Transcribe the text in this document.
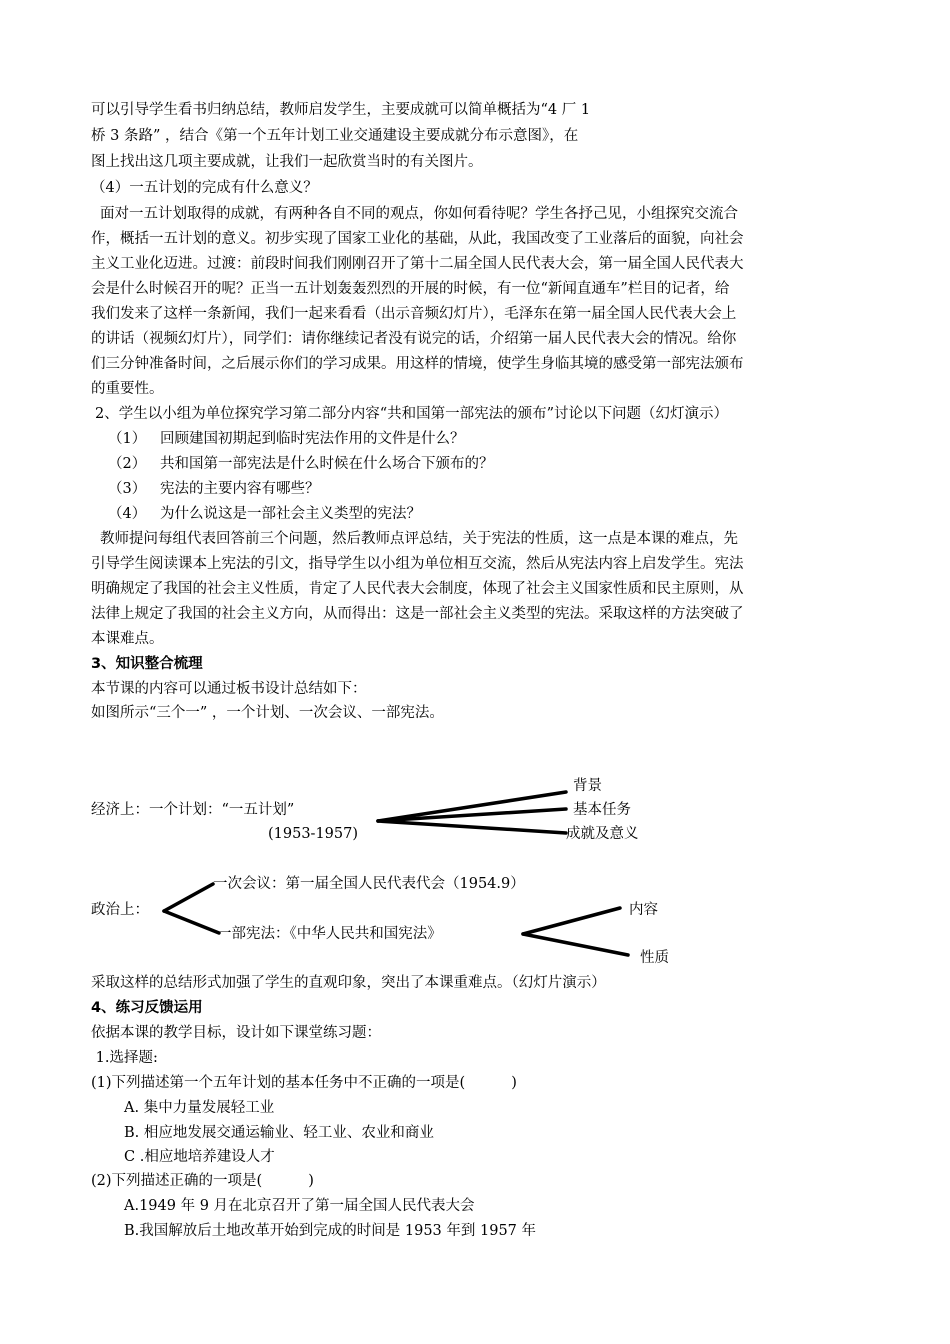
可以引导学生看书归纳总结，教师启发学生，主要成就可以简单概括为“4 厂 1
桥 3 条路” ，结合《第一个五年计划工业交通建设主要成就分布示意图》，在
图上找出这几项主要成就，让我们一起欣赏当时的有关图片。
（4）一五计划的完成有什么意义？
面对一五计划取得的成就，有两种各自不同的观点，你如何看待呢？学生各抒己见，小组探究交流合
作，概括一五计划的意义。初步实现了国家工业化的基础，从此，我国改变了工业落后的面貌，向社会
主义工业化迈进。过渡：前段时间我们刚刚召开了第十二届全国人民代表大会，第一届全国人民代表大
会是什么时候召开的呢？正当一五计划轰轰烈烈的开展的时候，有一位“新闻直通车”栏目的记者，给
我们发来了这样一条新闻，我们一起来看看（出示音频幻灯片），毛泽东在第一届全国人民代表大会上
的讲话（视频幻灯片），同学们：请你继续记者没有说完的话，介绍第一届人民代表大会的情况。给你
们三分钟准备时间，之后展示你们的学习成果。用这样的情境，使学生身临其境的感受第一部宪法颁布
的重要性。
2、学生以小组为单位探究学习第二部分内容“共和国第一部宪法的颁布”讨论以下问题（幻灯演示）
（1） 回顾建国初期起到临时宪法作用的文件是什么？
（2） 共和国第一部宪法是什么时候在什么场合下颁布的？
（3） 宪法的主要内容有哪些？
（4） 为什么说这是一部社会主义类型的宪法？
教师提问每组代表回答前三个问题，然后教师点评总结，关于宪法的性质，这一点是本课的难点，先
引导学生阅读课本上宪法的引文，指导学生以小组为单位相互交流，然后从宪法内容上启发学生。宪法
明确规定了我国的社会主义性质，肯定了人民代表大会制度，体现了社会主义国家性质和民主原则，从
法律上规定了我国的社会主义方向，从而得出：这是一部社会主义类型的宪法。采取这样的方法突破了
本课难点。
3、知识整合梳理
本节课的内容可以通过板书设计总结如下：
如图所示“三个一” ，一个计划、一次会议、一部宪法。
背景
经济上：一个计划：“一五计划”	基本任务
(1953-1957)	成就及意义
一次会议：第一届全国人民代表代会（1954.9）
政治上：	内容
一部宪法：《中华人民共和国宪法》
性质
采取这样的总结形式加强了学生的直观印象，突出了本课重难点。（幻灯片演示）
4、练习反馈运用
依据本课的教学目标，设计如下课堂练习题：
1.选择题:
(1)下列描述第一个五年计划的基本任务中不正确的一项是(          )
A. 集中力量发展轻工业
B. 相应地发展交通运输业、轻工业、农业和商业
C .相应地培养建设人才
(2)下列描述正确的一项是(          )
A.1949 年 9 月在北京召开了第一届全国人民代表大会
B.我国解放后土地改革开始到完成的时间是 1953 年到 1957 年
